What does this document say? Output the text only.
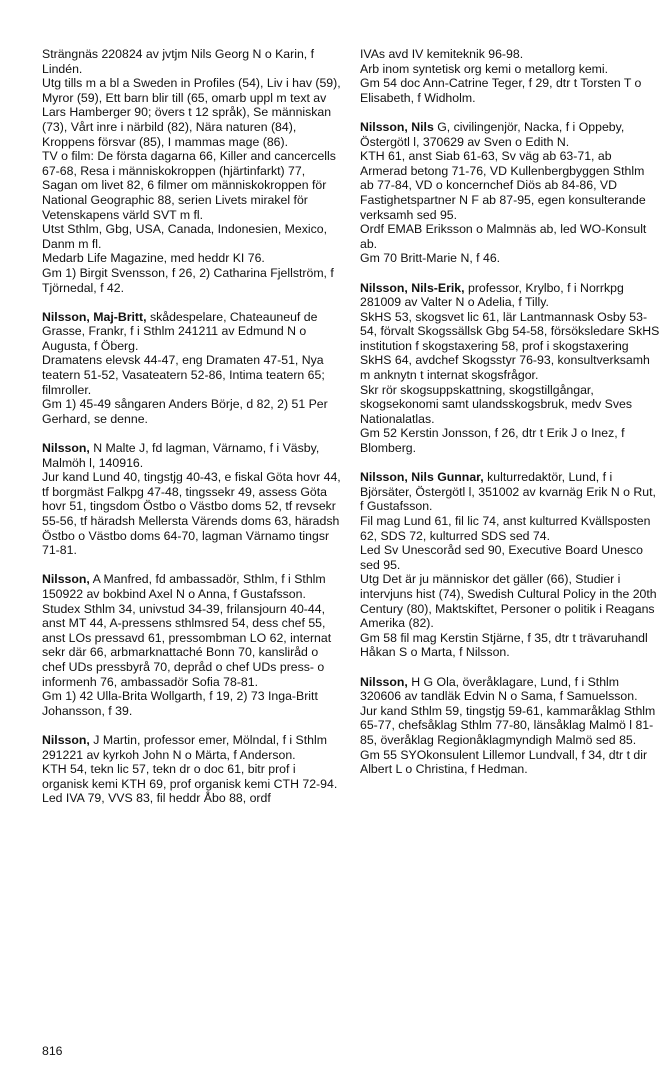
Strängnäs 220824 av jvtjm Nils Georg N o Karin, f Lindén.

Utg tills m a bl a Sweden in Profiles (54), Liv i hav (59), Myror (59), Ett barn blir till (65, omarb uppl m text av Lars Hamberger 90; övers t 12 språk), Se människan (73), Vårt inre i närbild (82), Nära naturen (84), Kroppens försvar (85), I mammas mage (86).

TV o film: De första dagarna 66, Killer and cancercells 67-68, Resa i människokroppen (hjärtinfarkt) 77, Sagan om livet 82, 6 filmer om människokroppen för National Geographic 88, serien Livets mirakel för Vetenskapens värld SVT m fl.

Utst Sthlm, Gbg, USA, Canada, Indonesien, Mexico, Danm m fl.

Medarb Life Magazine, med heddr KI 76.

Gm 1) Birgit Svensson, f 26, 2) Catharina Fjellström, f Tjörnedal, f 42.

Nilsson, Maj-Britt, skådespelare, Chateauneuf de Grasse, Frankr, f i Sthlm 241211 av Edmund N o Augusta, f Öberg.

Dramatens elevsk 44-47, eng Dramaten 47-51, Nya teatern 51-52, Vasateatern 52-86, Intima teatern 65; filmroller.

Gm 1) 45-49 sångaren Anders Börje, d 82, 2) 51 Per Gerhard, se denne.

Nilsson, N Malte J, fd lagman, Värnamo, f i Väsby, Malmöh l, 140916.

Jur kand Lund 40, tingstjg 40-43, e fiskal Göta hovr 44, tf borgmäst Falkpg 47-48, tingssekr 49, assess Göta hovr 51, tingsdom Östbo o Västbo doms 52, tf revsekr 55-56, tf häradsh Mellersta Värends doms 63, häradsh Östbo o Västbo doms 64-70, lagman Värnamo tingsr 71-81.

Nilsson, A Manfred, fd ambassadör, Sthlm, f i Sthlm 150922 av bokbind Axel N o Anna, f Gustafsson.

Studex Sthlm 34, univstud 34-39, frilansjourn 40-44, anst MT 44, A-pressens sthlmsred 54, dess chef 55, anst LOs pressavd 61, pressombman LO 62, internat sekr där 66, arbmarknattaché Bonn 70, kanslіråd o chef UDs pressbyrå 70, depråd o chef UDs press- o informenh 76, ambassadör Sofia 78-81.

Gm 1) 42 Ulla-Brita Wollgarth, f 19, 2) 73 Inga-Britt Johansson, f 39.

Nilsson, J Martin, professor emer, Mölndal, f i Sthlm 291221 av kyrkoh John N o Märta, f Anderson.

KTH 54, tekn lic 57, tekn dr o doc 61, bitr prof i organisk kemi KTH 69, prof organisk kemi CTH 72-94.

Led IVA 79, VVS 83, fil heddr Åbo 88, ordf

IVAs avd IV kemiteknik 96-98.

Arb inom syntetisk org kemi o metallorg kemi.

Gm 54 doc Ann-Catrine Teger, f 29, dtr t Torsten T o Elisabeth, f Widholm.

Nilsson, Nils G, civilingenjör, Nacka, f i Oppeby, Östergötl l, 370629 av Sven o Edith N.

KTH 61, anst Siab 61-63, Sv väg ab 63-71, ab Armerad betong 71-76, VD Kullenbergbyggen Sthlm ab 77-84, VD o koncernchef Diös ab 84-86, VD Fastighetspartner N F ab 87-95, egen konsulterande verksamh sed 95.

Ordf EMAB Eriksson o Malmnäs ab, led WO-Konsult ab.

Gm 70 Britt-Marie N, f 46.

Nilsson, Nils-Erik, professor, Krylbo, f i Norrkpg 281009 av Valter N o Adelia, f Tilly.

SkHS 53, skogsvet lic 61, lär Lantmannask Osby 53-54, förvalt Skogssällsk Gbg 54-58, försöksledare SkHS institution f skogstaxering 58, prof i skogstaxering SkHS 64, avdchef Skogsstyr 76-93, konsultverksamh m anknytn t internat skogsfrågor.

Skr rör skogsuppskattning, skogstillgångar, skogsekonomi samt ulandsskogsbruk, medv Sves Nationalatlas.

Gm 52 Kerstin Jonsson, f 26, dtr t Erik J o Inez, f Blomberg.

Nilsson, Nils Gunnar, kulturredaktör, Lund, f i Björsäter, Östergötl l, 351002 av kvarnäg Erik N o Rut, f Gustafsson.

Fil mag Lund 61, fil lic 74, anst kulturred Kvällsposten 62, SDS 72, kulturred SDS sed 74.

Led Sv Unescoråd sed 90, Executive Board Unesco sed 95.

Utg Det är ju människor det gäller (66), Studier i intervjuns hist (74), Swedish Cultural Policy in the 20th Century (80), Maktskiftet, Personer o politik i Reagans Amerika (82).

Gm 58 fil mag Kerstin Stjärne, f 35, dtr t trävaruhandl Håkan S o Marta, f Nilsson.

Nilsson, H G Ola, överåklagare, Lund, f i Sthlm 320606 av tandläk Edvin N o Sama, f Samuelsson.

Jur kand Sthlm 59, tingstjg 59-61, kammaråklag Sthlm 65-77, chefsåklag Sthlm 77-80, länsåklag Malmö l 81-85, överåklag Regionåklagmyndigh Malmö sed 85.

Gm 55 SYOkonsulent Lillemor Lundvall, f 34, dtr t dir Albert L o Christina, f Hedman.

816
